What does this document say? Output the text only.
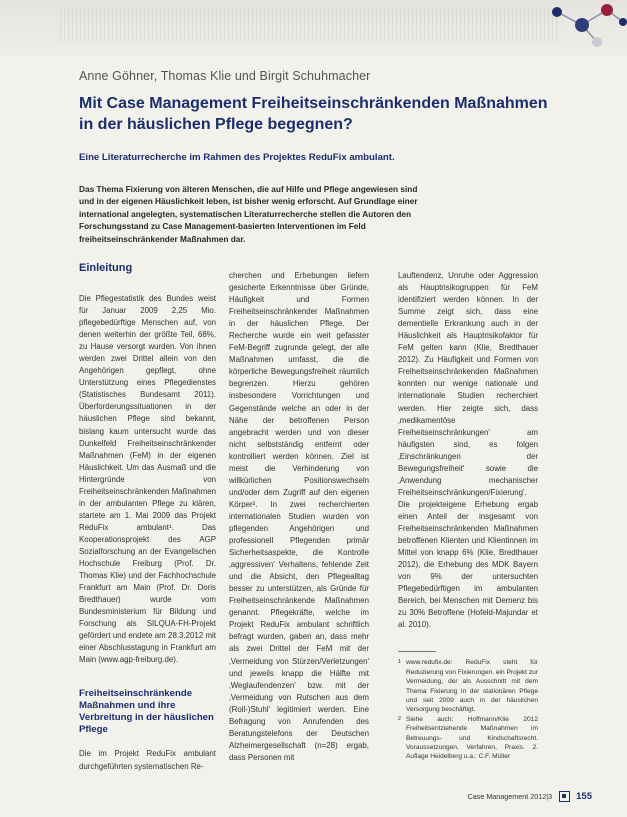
Anne Göhner, Thomas Klie und Birgit Schuhmacher
Mit Case Management Freiheitseinschränkenden Maßnahmen in der häuslichen Pflege begegnen?
Eine Literaturrecherche im Rahmen des Projektes ReduFix ambulant.

Das Thema Fixierung von älteren Menschen, die auf Hilfe und Pflege angewiesen sind und in der eigenen Häuslichkeit leben, ist bisher wenig erforscht. Auf Grundlage einer international angelegten, systematischen Literaturrecherche stellen die Autoren den Forschungsstand zu Case Management-basierten Interventionen im Feld freiheitseinschränkender Maßnahmen dar.

Einleitung

Die Pflegestatistik des Bundes weist für Januar 2009 2,25 Mio. pflegebedürftige Menschen auf, von denen weiterhin der größte Teil, 68%, zu Hause versorgt wurden. Von ihnen werden zwei Drittel allein von den Angehörigen gepflegt, ohne Unterstützung eines Pflegedienstes (Statistisches Bundesamt 2011). Überforderungssituationen in der häuslichen Pflege sind bekannt, bislang kaum untersucht wurde das Dunkelfeld Freiheitseinschränkender Maßnahmen (FeM) in der eigenen Häuslichkeit. Um das Ausmaß und die Hintergründe von Freiheitseinschränkenden Maßnahmen in der ambulanten Pflege zu klären, startete am 1. Mai 2009 das Projekt ReduFix ambulant¹. Das Kooperationsprojekt des AGP Sozialforschung an der Evangelischen Hochschule Freiburg (Prof. Dr. Thomas Klie) und der Fachhochschule Frankfurt am Main (Prof. Dr. Doris Bredthauer) wurde vom Bundesministerium für Bildung und Forschung als SILQUA-FH-Projekt gefördert und endete am 28.3.2012 mit einer Abschlusstagung in Frankfurt am Main (www.agp-freiburg.de).

Freiheitseinschränkende Maßnahmen und ihre Verbreitung in der häuslichen Pflege

Die im Projekt ReduFix ambulant durchgeführten systematischen Re-

cherchen und Erhebungen liefern gesicherte Erkenntnisse über Gründe, Häufigkeit und Formen Freiheitseinschränkender Maßnahmen in der häuslichen Pflege. Der Recherche wurde ein weit gefasster FeM-Begriff zugrunde gelegt, der alle Maßnahmen umfasst, die die körperliche Bewegungsfreiheit räumlich begrenzen. Hierzu gehören insbesondere Vorrichtungen und Gegenstände welche an oder in der Nähe der betroffenen Person angebracht werden und von dieser nicht selbstständig entfernt oder kontrolliert werden können. Ziel ist meist die Verhinderung von willkürlichen Positionswechseln und/oder dem Zugriff auf den eigenen Körper². In zwei recherchierten internationalen Studien wurden von pflegenden Angehörigen und professionell Pflegenden primär Sicherheitsaspekte, die Kontrolle ‚aggressiven' Verhaltens, fehlende Zeit und die Absicht, den Pflegealltag besser zu unterstützen, als Gründe für Freiheitseinschränkende Maßnahmen genannt. Pflegekräfte, welche im Projekt ReduFix ambulant schriftlich befragt wurden, gaben an, dass mehr als zwei Drittel der FeM mit der ‚Vermeidung von Stürzen/Verletzungen' und jeweils knapp die Hälfte mit ‚Weglaufendenzen' bzw. mit der ‚Vermeidung von Rutschen aus dem (Roll-)Stuhl' legitimiert werden. Eine Befragung von Anrufenden des Beratungstelefons der Deutschen Alzheimergesellschaft (n=28) ergab, dass Personen mit

Lauftendenz, Unruhe oder Aggression als Hauptrisikogruppen für FeM identifiziert werden können. In der Summe zeigt sich, dass eine dementielle Erkrankung auch in der Häuslichkeit als Hauptrisikofaktor für FeM gelten kann (Klie, Bredthauer 2012). Zu Häufigkeit und Formen von Freiheitseinschränkenden Maßnahmen konnten nur wenige nationale und internationale Studien recherchiert werden. Hier zeigte sich, dass ‚medikamentöse Freiheitseinschränkungen' am häufigsten sind, es folgen ‚Einschränkungen der Bewegungsfreiheit' sowie die ‚Anwendung mechanischer Freiheitseinschränkungen/Fixierung'. Die projekteigene Erhebung ergab einen Anteil der insgesamt von Freiheitseinschränkenden Maßnahmen betroffenen Klienten und Klientinnen im Mittel von knapp 6% (Klie, Bredthauer 2012), die Erhebung des MDK Bayern von 9% der untersuchten Pflegebedürftigen im ambulanten Bereich, bei Menschen mit Demenz bis zu 30% Betroffene (Hofeld-Majundar et al. 2010).

1 www.redufix.de: ReduFix steht für Reduzierung von Fixierungen. ein Projekt zur Vermeidung, der als Ausschnitt mit dem Thema Fixierung in der stationären Pflege und seit 2009 auch in der häuslichen Versorgung beschäftigt.
2 Siehe auch: Hoffmann/Klie 2012 Freiheitsentziehende Maßnahmen im Betreuungs- und Kindschaftsrecht. Voraussetzungen, Verfahren, Praxis. 2. Auflage Heidelberg u.a.: C.F. Müller
Case Management 2012|3	155
